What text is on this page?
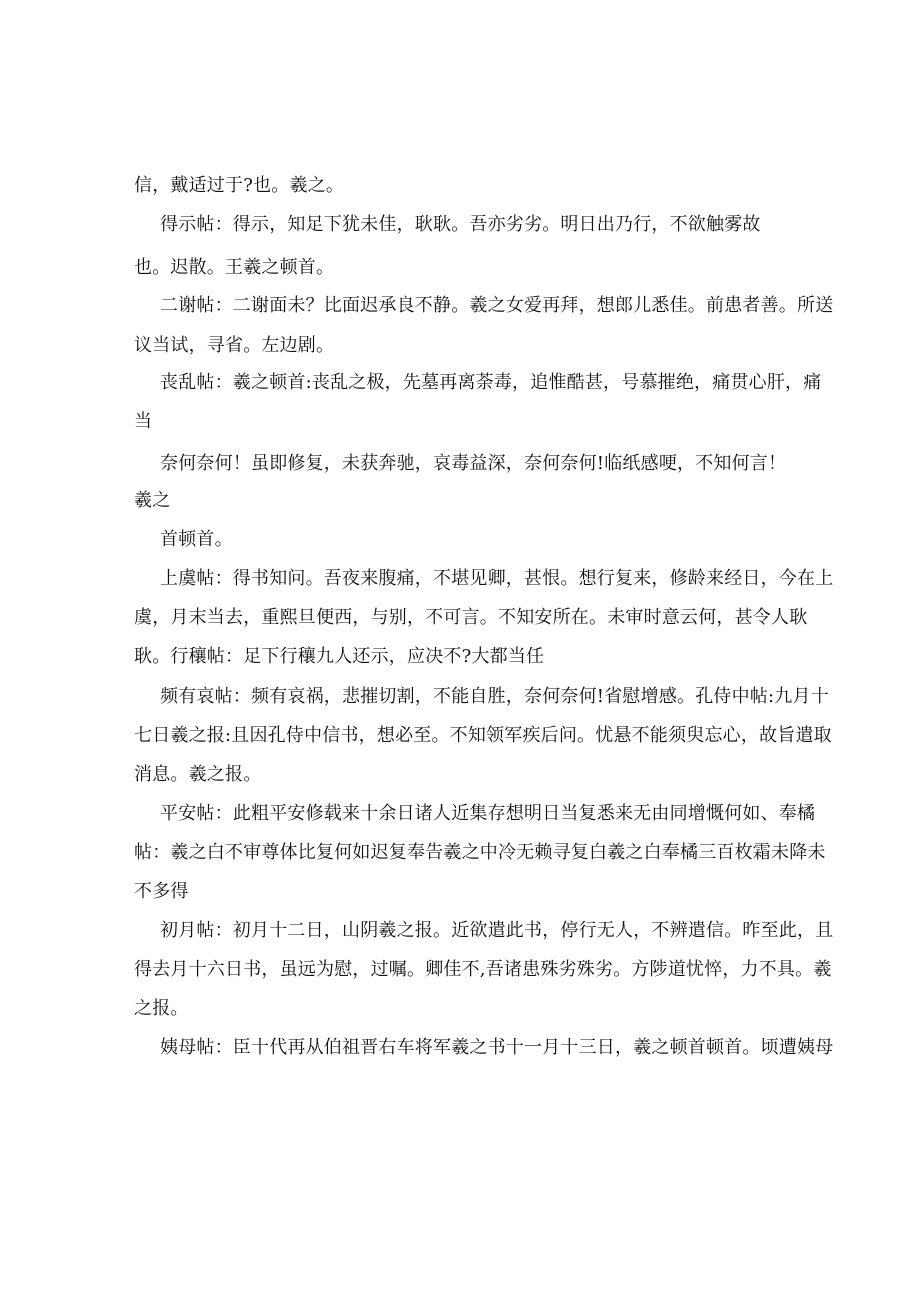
信，戴适过于?也。羲之。
得示帖：得示，知足下犹未佳，耿耿。吾亦劣劣。明日出乃行，不欲触雾故
也。迟散。王羲之顿首。
二谢帖：二谢面未？比面迟承良不静。羲之女爱再拜，想郎儿悉佳。前患者善。所送
议当试，寻省。左边剧。
丧乱帖：羲之顿首:丧乱之极，先墓再离荼毒，追惟酷甚，号慕摧绝，痛贯心肝，痛
当
奈何奈何！虽即修复，未获奔驰，哀毒益深，奈何奈何!临纸感哽，不知何言！
羲之
首顿首。
上虞帖：得书知问。吾夜来腹痛，不堪见卿，甚恨。想行复来，修龄来经日，今在上
虞，月末当去，重熙旦便西，与别，不可言。不知安所在。未审时意云何，甚令人耿
耿。行穰帖：足下行穰九人还示，应决不?大都当任
频有哀帖：频有哀祸，悲摧切割，不能自胜，奈何奈何!省慰增感。孔侍中帖:九月十
七日羲之报:且因孔侍中信书，想必至。不知领军疾后问。忧悬不能须臾忘心，故旨遣取
消息。羲之报。
平安帖：此粗平安修载来十余日诸人近集存想明日当复悉来无由同增慨何如、奉橘
帖：羲之白不审尊体比复何如迟复奉告羲之中冷无赖寻复白羲之白奉橘三百枚霜未降未
不多得
初月帖：初月十二日，山阴羲之报。近欲遣此书，停行无人，不辨遣信。昨至此，且
得去月十六日书，虽远为慰，过嘱。卿佳不,吾诸患殊劣殊劣。方陟道忧悴，力不具。羲
之报。
姨母帖：臣十代再从伯祖晋右车将军羲之书十一月十三日，羲之顿首顿首。顷遭姨母
